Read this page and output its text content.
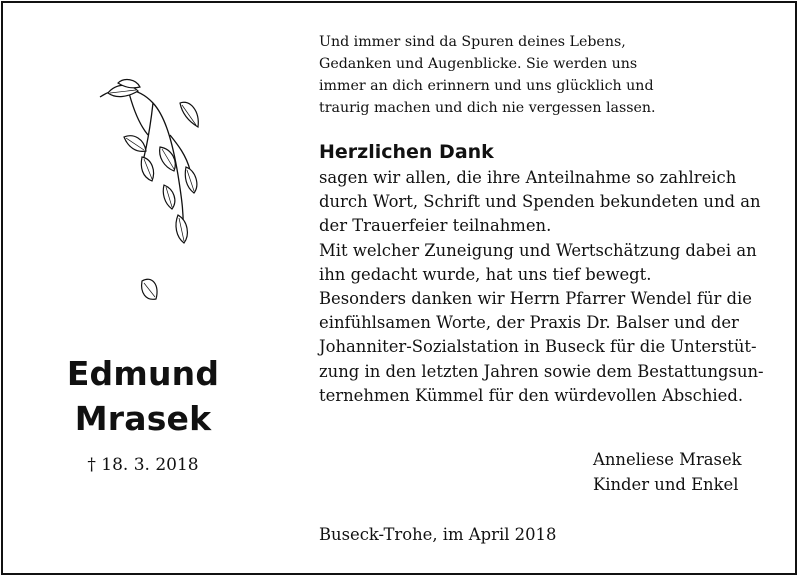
Edmund
Mrasek
† 18. 3. 2018
Und immer sind da Spuren deines Lebens,
Gedanken und Augenblicke. Sie werden uns
immer an dich erinnern und uns glücklich und
traurig machen und dich nie vergessen lassen.
Herzlichen Dank
sagen wir allen, die ihre Anteilnahme so zahlreich
durch Wort, Schrift und Spenden bekundeten und an
der Trauerfeier teilnahmen.
Mit welcher Zuneigung und Wertschätzung dabei an
ihn gedacht wurde, hat uns tief bewegt.
Besonders danken wir Herrn Pfarrer Wendel für die
einfühlsamen Worte, der Praxis Dr. Balser und der
Johanniter-Sozialstation in Buseck für die Unterstüt-
zung in den letzten Jahren sowie dem Bestattungsun-
ternehmen Kümmel für den würdevollen Abschied.
Anneliese Mrasek
Kinder und Enkel
Buseck-Trohe, im April 2018
